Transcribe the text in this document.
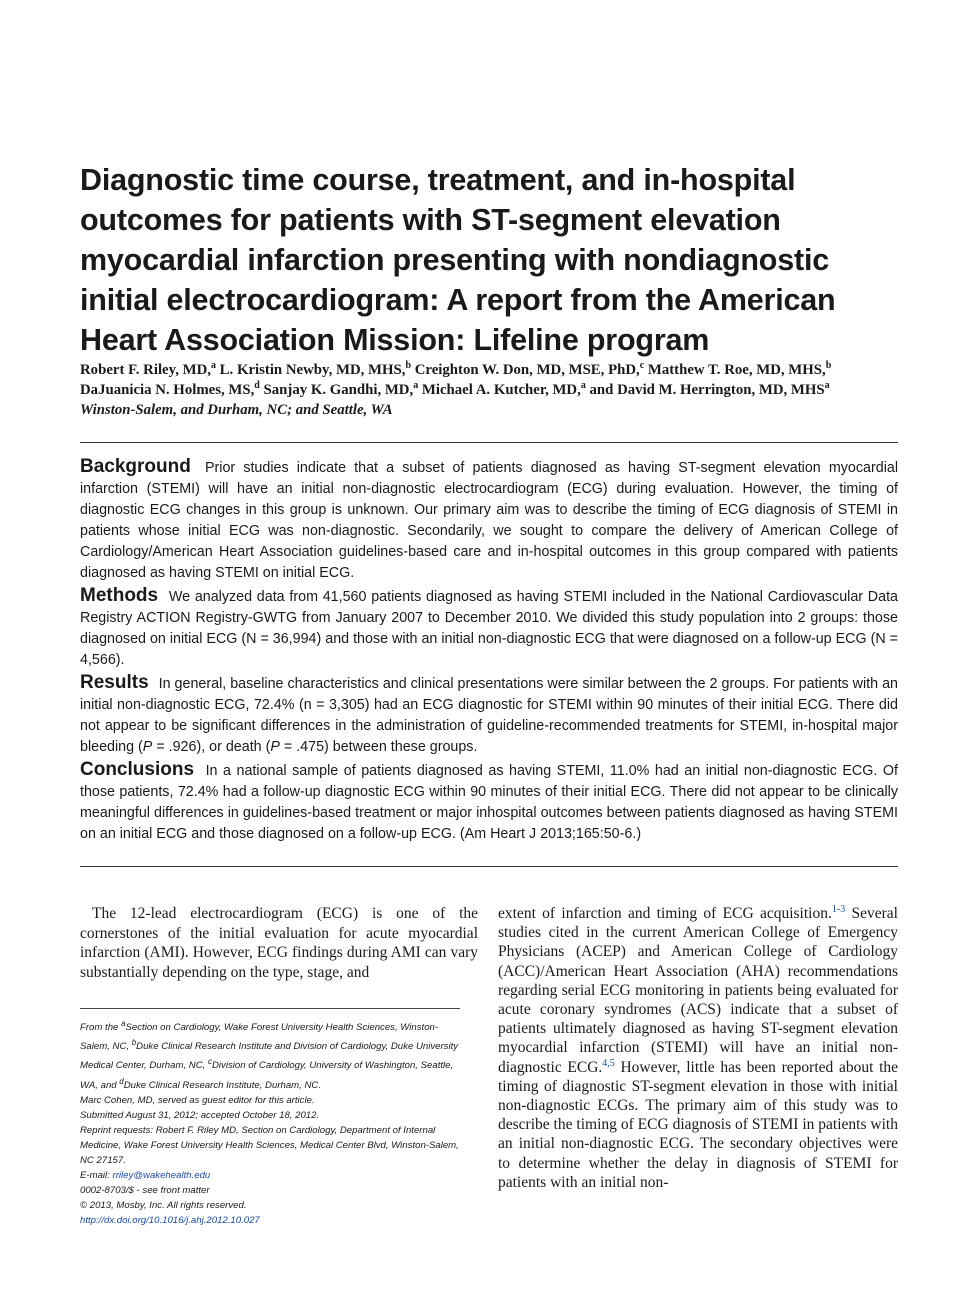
Diagnostic time course, treatment, and in-hospital outcomes for patients with ST-segment elevation myocardial infarction presenting with nondiagnostic initial electrocardiogram: A report from the American Heart Association Mission: Lifeline program
Robert F. Riley, MD,$^a$ L. Kristin Newby, MD, MHS,$^b$ Creighton W. Don, MD, MSE, PhD,$^c$ Matthew T. Roe, MD, MHS,$^b$
DaJuanicia N. Holmes, MS,$^d$ Sanjay K. Gandhi, MD,$^a$ Michael A. Kutcher, MD,$^a$ and David M. Herrington, MD, MHS$^a$
Winston-Salem, and Durham, NC; and Seattle, WA

Background Prior studies indicate that a subset of patients diagnosed as having ST-segment elevation myocardial infarction (STEMI) will have an initial non-diagnostic electrocardiogram (ECG) during evaluation. However, the timing of diagnostic ECG changes in this group is unknown. Our primary aim was to describe the timing of ECG diagnosis of STEMI in patients whose initial ECG was non-diagnostic. Secondarily, we sought to compare the delivery of American College of Cardiology/American Heart Association guidelines-based care and in-hospital outcomes in this group compared with patients diagnosed as having STEMI on initial ECG.

Methods We analyzed data from 41,560 patients diagnosed as having STEMI included in the National Cardiovascular Data Registry ACTION Registry-GWTG from January 2007 to December 2010. We divided this study population into 2 groups: those diagnosed on initial ECG (N = 36,994) and those with an initial non-diagnostic ECG that were diagnosed on a follow-up ECG (N = 4,566).

Results In general, baseline characteristics and clinical presentations were similar between the 2 groups. For patients with an initial non-diagnostic ECG, 72.4% (n = 3,305) had an ECG diagnostic for STEMI within 90 minutes of their initial ECG. There did not appear to be significant differences in the administration of guideline-recommended treatments for STEMI, in-hospital major bleeding (P = .926), or death (P = .475) between these groups.

Conclusions In a national sample of patients diagnosed as having STEMI, 11.0% had an initial non-diagnostic ECG. Of those patients, 72.4% had a follow-up diagnostic ECG within 90 minutes of their initial ECG. There did not appear to be clinically meaningful differences in guidelines-based treatment or major inhospital outcomes between patients diagnosed as having STEMI on an initial ECG and those diagnosed on a follow-up ECG. (Am Heart J 2013;165:50-6.)

The 12-lead electrocardiogram (ECG) is one of the cornerstones of the initial evaluation for acute myocardial infarction (AMI). However, ECG findings during AMI can vary substantially depending on the type, stage, and

extent of infarction and timing of ECG acquisition.$^{1-3}$ Several studies cited in the current American College of Emergency Physicians (ACEP) and American College of Cardiology (ACC)/American Heart Association (AHA) recommendations regarding serial ECG monitoring in patients being evaluated for acute coronary syndromes (ACS) indicate that a subset of patients ultimately diagnosed as having ST-segment elevation myocardial infarction (STEMI) will have an initial non-diagnostic ECG.$^{4,5}$ However, little has been reported about the timing of diagnostic ST-segment elevation in those with initial non-diagnostic ECGs. The primary aim of this study was to describe the timing of ECG diagnosis of STEMI in patients with an initial non-diagnostic ECG. The secondary objectives were to determine whether the delay in diagnosis of STEMI for patients with an initial non-

From the $^a$Section on Cardiology, Wake Forest University Health Sciences, Winston-Salem, NC, $^b$Duke Clinical Research Institute and Division of Cardiology, Duke University Medical Center, Durham, NC, $^c$Division of Cardiology, University of Washington, Seattle, WA, and $^d$Duke Clinical Research Institute, Durham, NC.

Marc Cohen, MD, served as guest editor for this article.

Submitted August 31, 2012; accepted October 18, 2012.

Reprint requests: Robert F. Riley MD, Section on Cardiology, Department of Internal Medicine, Wake Forest University Health Sciences, Medical Center Blvd, Winston-Salem, NC 27157.

E-mail: rriley@wakehealth.edu

0002-8703/$ - see front matter

© 2013, Mosby, Inc. All rights reserved.

http://dx.doi.org/10.1016/j.ahj.2012.10.027
